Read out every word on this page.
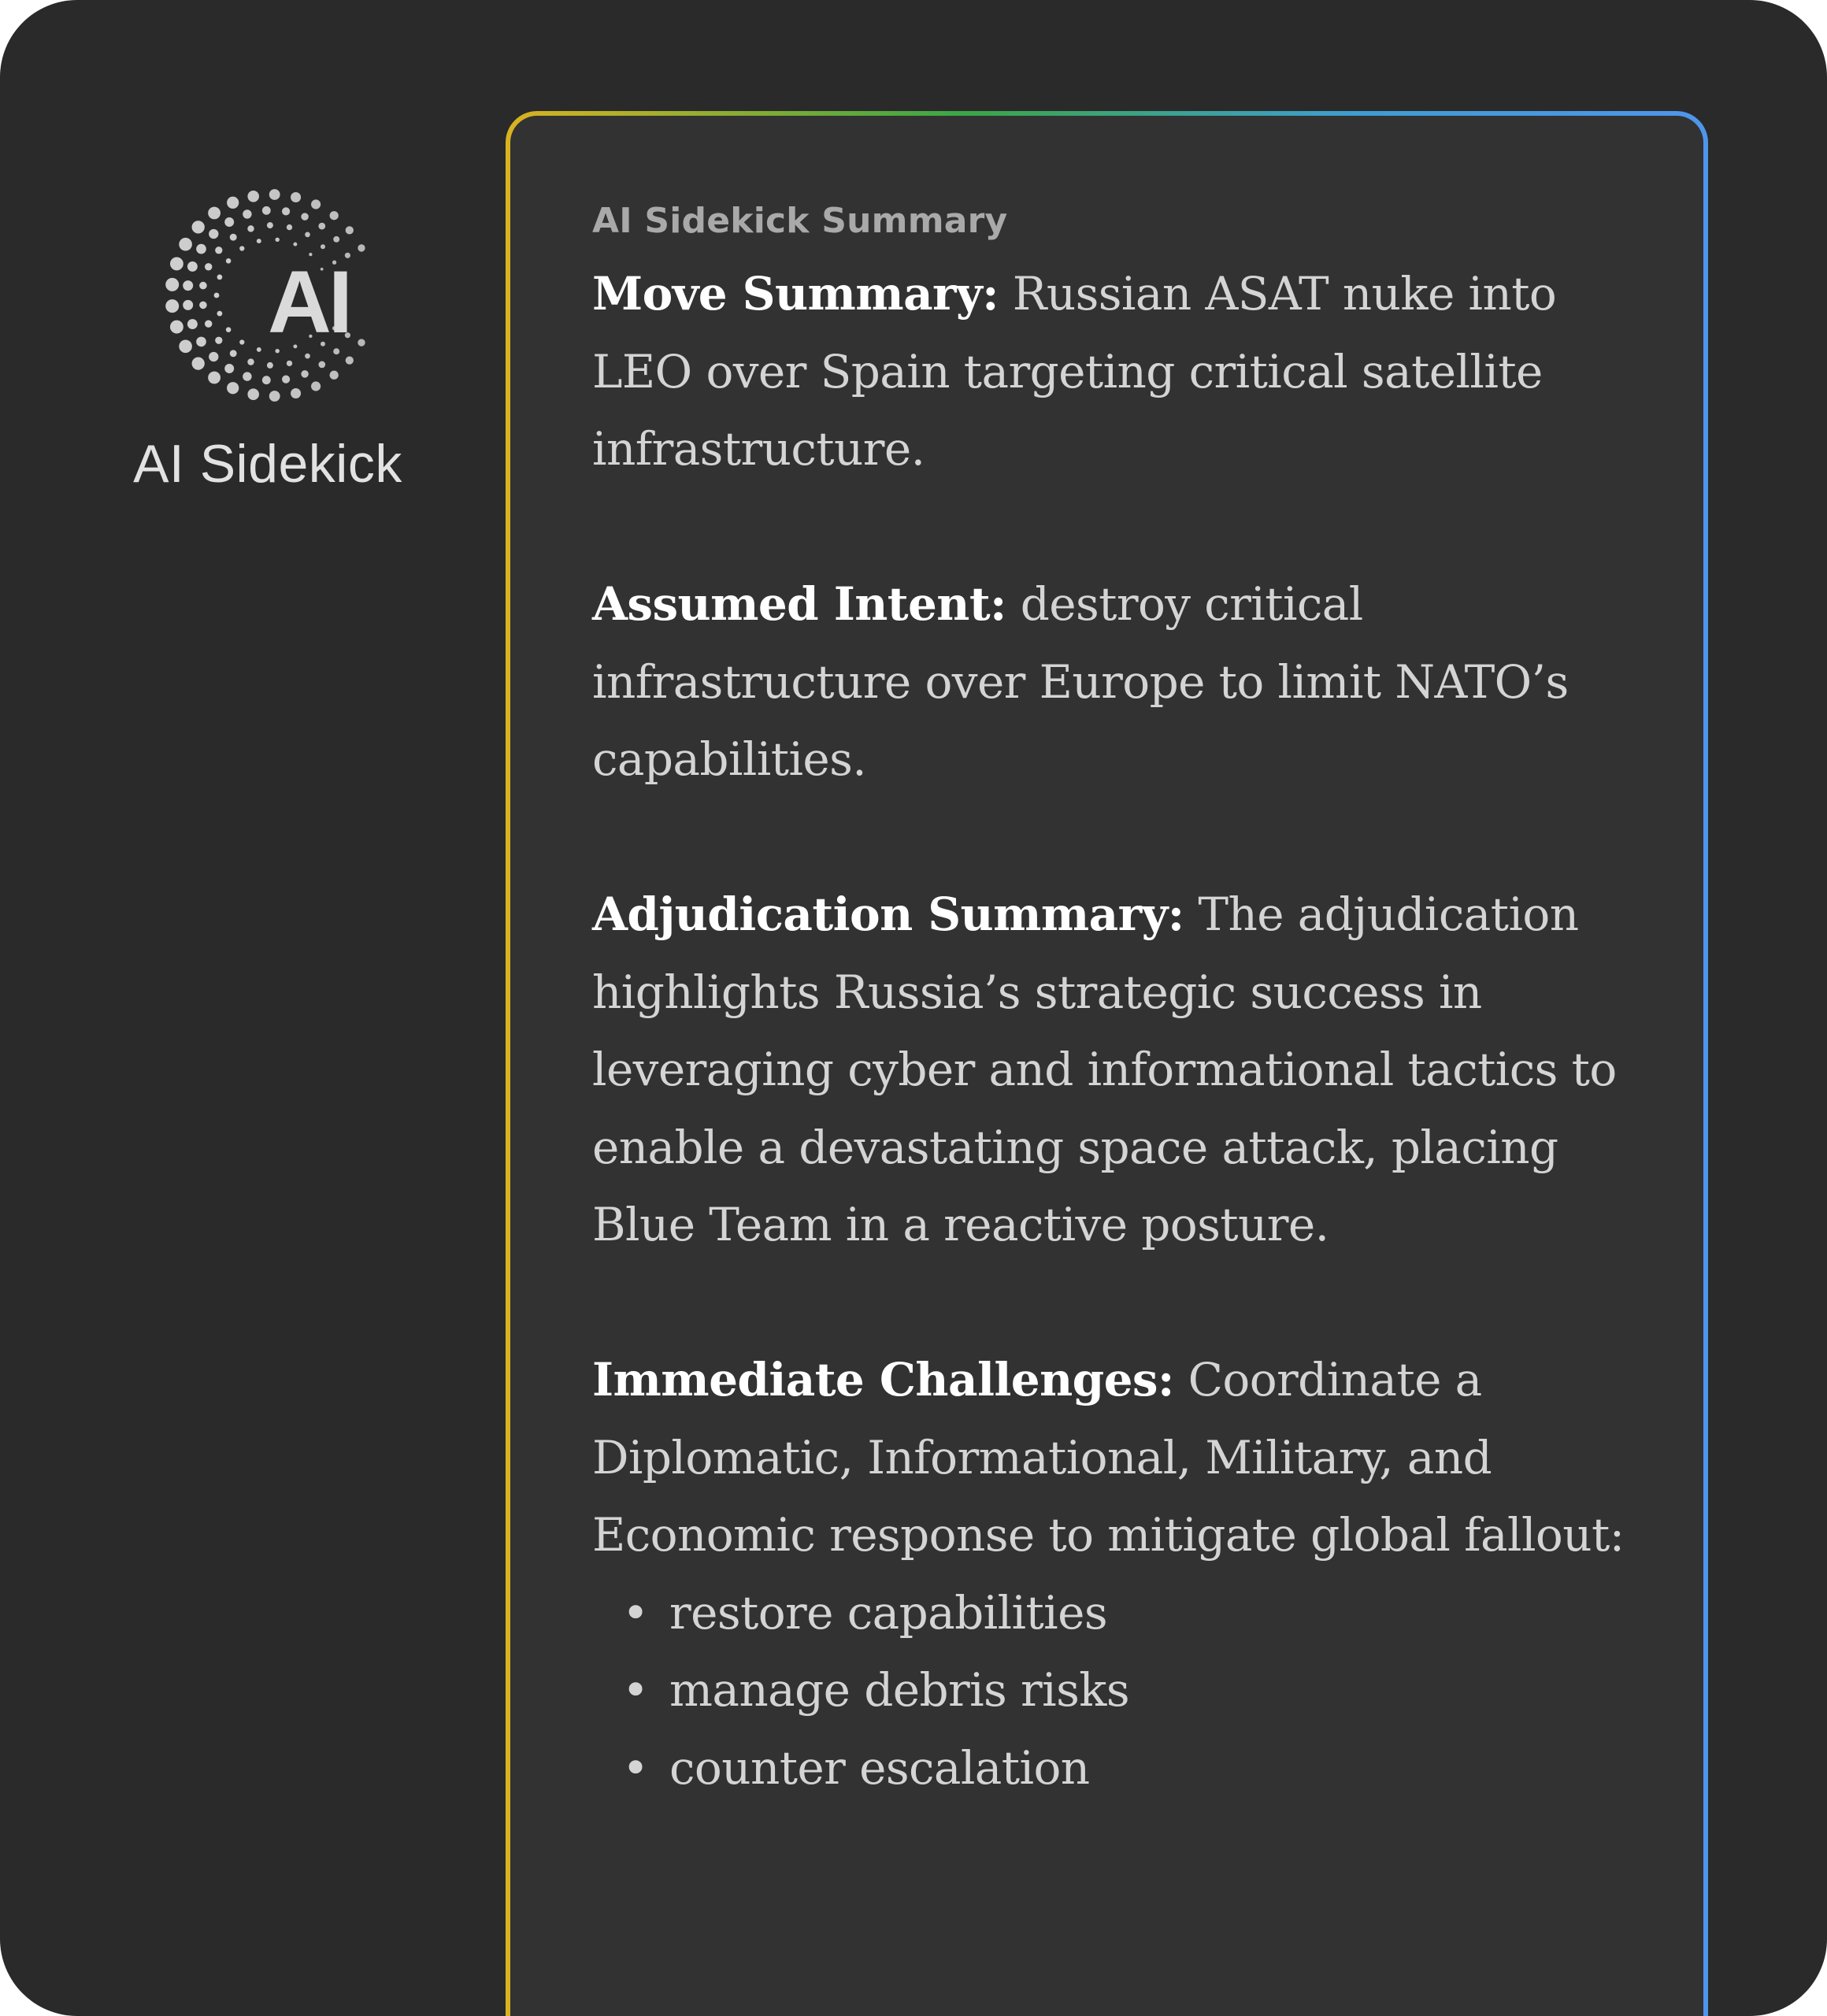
AI
AI Sidekick
AI Sidekick Summary

Move Summary: Russian ASAT nuke into LEO over Spain targeting critical satellite infrastructure.

Assumed Intent: destroy critical infrastructure over Europe to limit NATO’s capabilities.

Adjudication Summary: The adjudication highlights Russia’s strategic success in leveraging cyber and informational tactics to enable a devastating space attack, placing Blue Team in a reactive posture.

Immediate Challenges: Coordinate a Diplomatic, Informational, Military, and Economic response to mitigate global fallout:
• restore capabilities
• manage debris risks
• counter escalation
